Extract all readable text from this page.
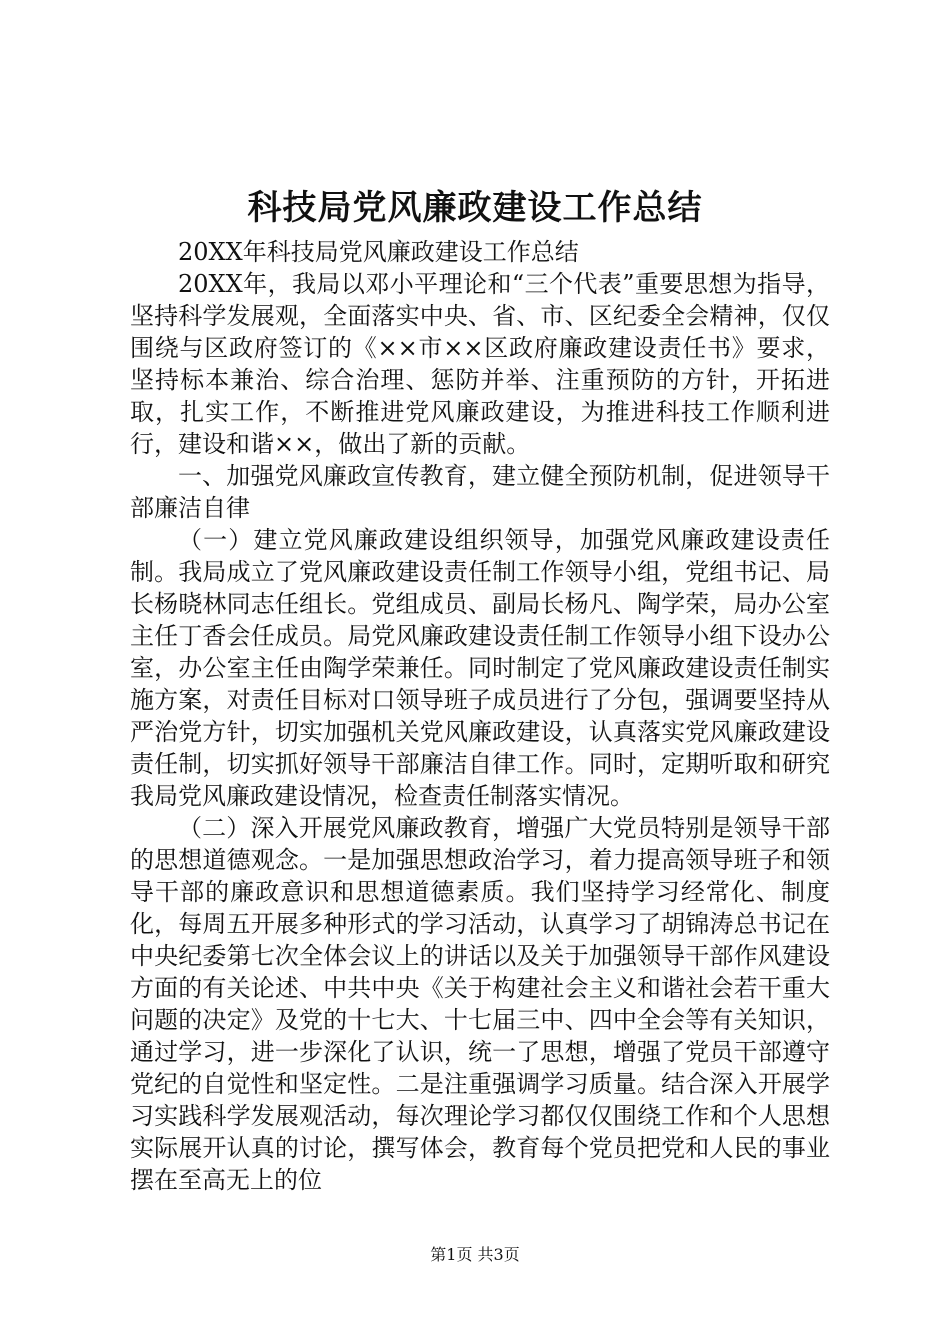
科技局党风廉政建设工作总结

20XX年科技局党风廉政建设工作总结

20XX年，我局以邓小平理论和“三个代表”重要思想为指导，坚持科学发展观，全面落实中央、省、市、区纪委全会精神，仅仅围绕与区政府签订的《××市××区政府廉政建设责任书》要求，坚持标本兼治、综合治理、惩防并举、注重预防的方针，开拓进取，扎实工作，不断推进党风廉政建设，为推进科技工作顺利进行，建设和谐××，做出了新的贡献。

一、加强党风廉政宣传教育，建立健全预防机制，促进领导干部廉洁自律

（一）建立党风廉政建设组织领导，加强党风廉政建设责任制。我局成立了党风廉政建设责任制工作领导小组，党组书记、局长杨晓林同志任组长。党组成员、副局长杨凡、陶学荣，局办公室主任丁香会任成员。局党风廉政建设责任制工作领导小组下设办公室，办公室主任由陶学荣兼任。同时制定了党风廉政建设责任制实施方案，对责任目标对口领导班子成员进行了分包，强调要坚持从严治党方针，切实加强机关党风廉政建设，认真落实党风廉政建设责任制，切实抓好领导干部廉洁自律工作。同时，定期听取和研究我局党风廉政建设情况，检查责任制落实情况。

（二）深入开展党风廉政教育，增强广大党员特别是领导干部的思想道德观念。一是加强思想政治学习，着力提高领导班子和领导干部的廉政意识和思想道德素质。我们坚持学习经常化、制度化，每周五开展多种形式的学习活动，认真学习了胡锦涛总书记在中央纪委第七次全体会议上的讲话以及关于加强领导干部作风建设方面的有关论述、中共中央《关于构建社会主义和谐社会若干重大问题的决定》及党的十七大、十七届三中、四中全会等有关知识，通过学习，进一步深化了认识，统一了思想，增强了党员干部遵守党纪的自觉性和坚定性。二是注重强调学习质量。结合深入开展学习实践科学发展观活动，每次理论学习都仅仅围绕工作和个人思想实际展开认真的讨论，撰写体会，教育每个党员把党和人民的事业摆在至高无上的位

第1页 共3页
